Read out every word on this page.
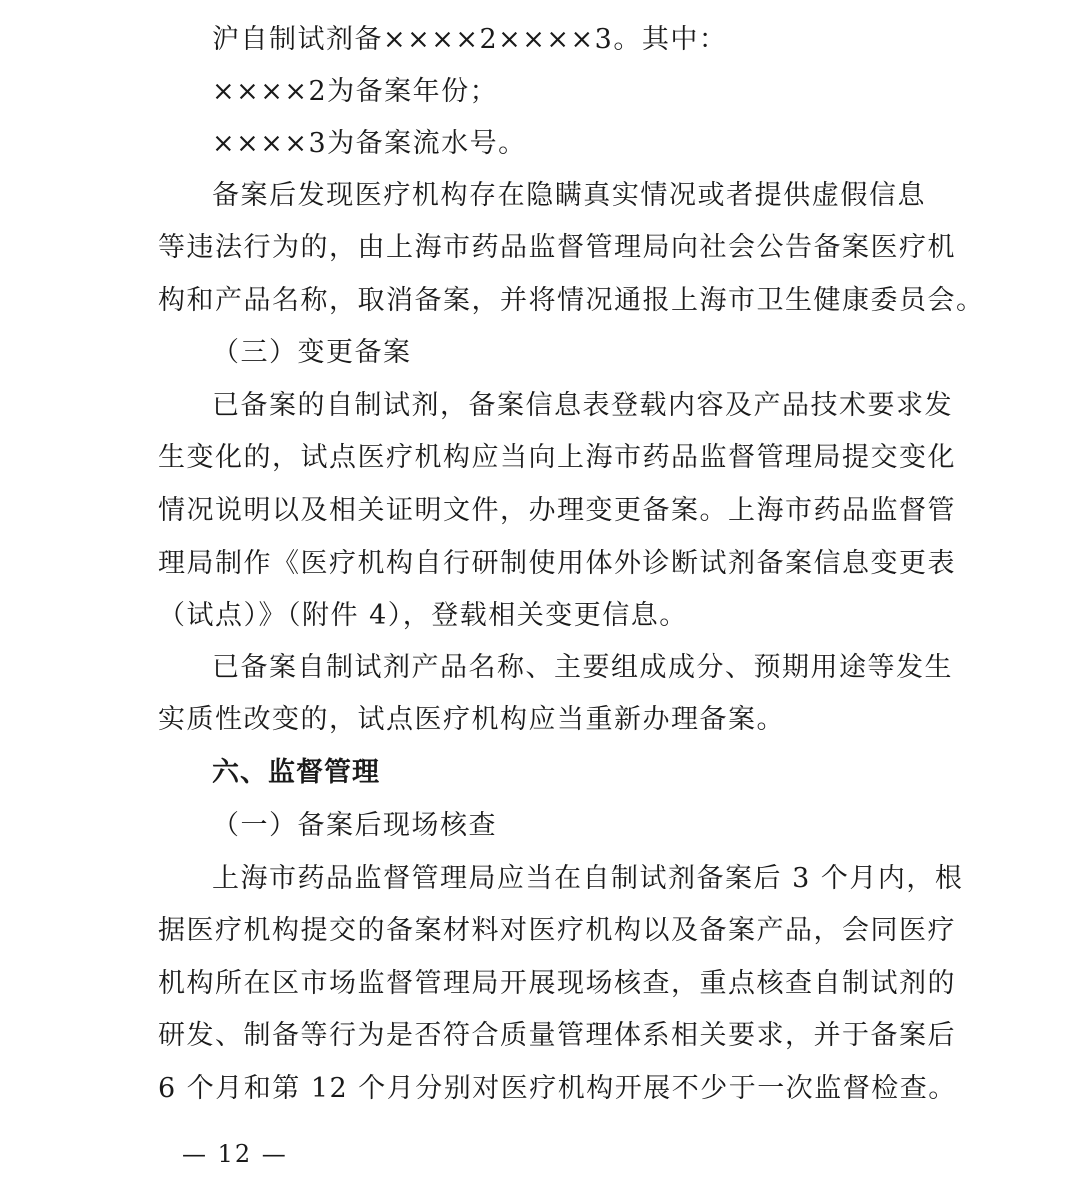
沪自制试剂备××××2××××3。其中：
××××2为备案年份；
××××3为备案流水号。
备案后发现医疗机构存在隐瞒真实情况或者提供虚假信息
等违法行为的，由上海市药品监督管理局向社会公告备案医疗机
构和产品名称，取消备案，并将情况通报上海市卫生健康委员会。
（三）变更备案
已备案的自制试剂，备案信息表登载内容及产品技术要求发
生变化的，试点医疗机构应当向上海市药品监督管理局提交变化
情况说明以及相关证明文件，办理变更备案。上海市药品监督管
理局制作《医疗机构自行研制使用体外诊断试剂备案信息变更表
（试点）》（附件 4），登载相关变更信息。
已备案自制试剂产品名称、主要组成成分、预期用途等发生
实质性改变的，试点医疗机构应当重新办理备案。
六、监督管理
（一）备案后现场核查
上海市药品监督管理局应当在自制试剂备案后 3 个月内，根
据医疗机构提交的备案材料对医疗机构以及备案产品，会同医疗
机构所在区市场监督管理局开展现场核查，重点核查自制试剂的
研发、制备等行为是否符合质量管理体系相关要求，并于备案后
6 个月和第 12 个月分别对医疗机构开展不少于一次监督检查。
— 12 —
